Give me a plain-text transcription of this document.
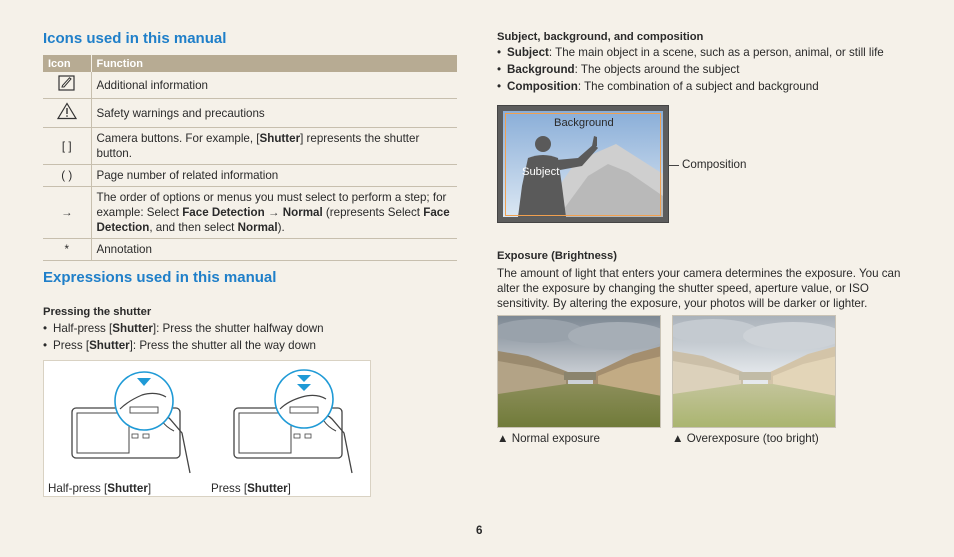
Icons used in this manual
Icon	Function
	Additional information
	Safety warnings and precautions
[ ]	Camera buttons. For example, [Shutter] represents the shutter button.
( )	Page number of related information
→	The order of options or menus you must select to perform a step; for example: Select Face Detection → Normal (represents Select Face Detection, and then select Normal).
*	Annotation
Expressions used in this manual
Pressing the shutter
• Half-press [Shutter]: Press the shutter halfway down
• Press [Shutter]: Press the shutter all the way down
Half-press [Shutter]	Press [Shutter]
Subject, background, and composition
• Subject: The main object in a scene, such as a person, animal, or still life
• Background: The objects around the subject
• Composition: The combination of a subject and background
Background
Subject
Composition
Exposure (Brightness)

The amount of light that enters your camera determines the exposure. You can alter the exposure by changing the shutter speed, aperture value, or ISO sensitivity. By altering the exposure, your photos will be darker or lighter.

▲ Normal exposure	▲ Overexposure (too bright)
6
